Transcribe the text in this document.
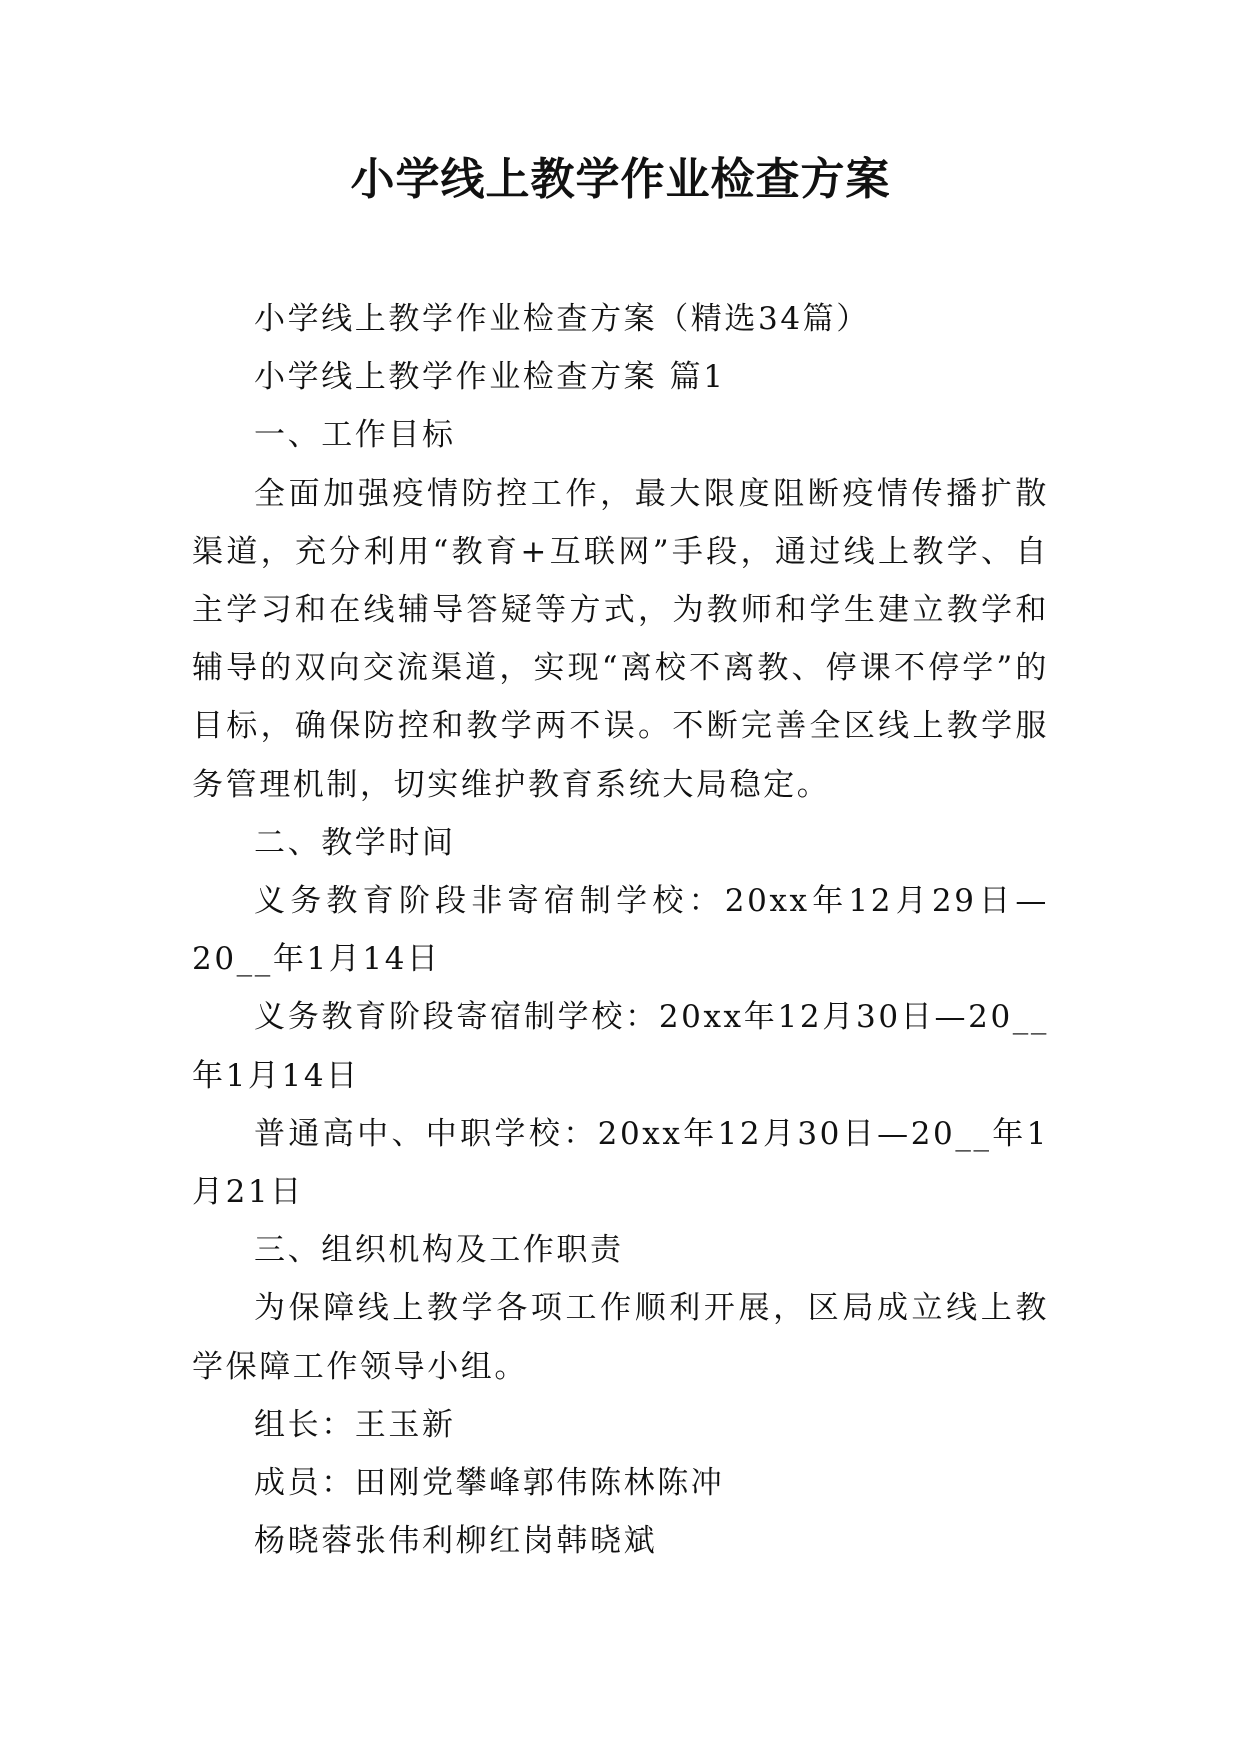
小学线上教学作业检查方案

小学线上教学作业检查方案（精选34篇）

小学线上教学作业检查方案 篇1

一、工作目标

全面加强疫情防控工作，最大限度阻断疫情传播扩散渠道，充分利用“教育+互联网”手段，通过线上教学、自主学习和在线辅导答疑等方式，为教师和学生建立教学和辅导的双向交流渠道，实现“离校不离教、停课不停学”的目标，确保防控和教学两不误。不断完善全区线上教学服务管理机制，切实维护教育系统大局稳定。

二、教学时间

义务教育阶段非寄宿制学校：20xx年12月29日—20__年1月14日

义务教育阶段寄宿制学校：20xx年12月30日—20__年1月14日

普通高中、中职学校：20xx年12月30日—20__年1月21日

三、组织机构及工作职责

为保障线上教学各项工作顺利开展，区局成立线上教学保障工作领导小组。

组长：王玉新

成员：田刚党攀峰郭伟陈林陈冲

杨晓蓉张伟利柳红岗韩晓斌
